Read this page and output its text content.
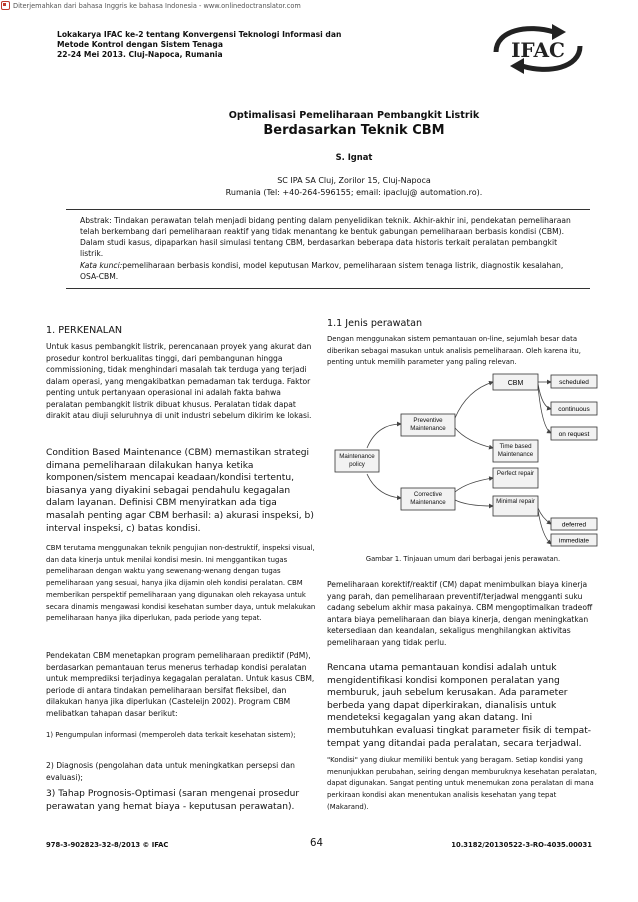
Diterjemahkan dari bahasa Inggris ke bahasa Indonesia - www.onlinedoctranslator.com
Lokakarya IFAC ke-2 tentang Konvergensi Teknologi Informasi dan
Metode Kontrol dengan Sistem Tenaga
22-24 Mei 2013. Cluj-Napoca, Rumania	IFAC
Optimalisasi Pemeliharaan Pembangkit Listrik
Berdasarkan Teknik CBM
S. Ignat
SC IPA SA Cluj, Zorilor 15, Cluj-Napoca
Rumania (Tel: +40-264-596155; email: ipacluj@ automation.ro).

Abstrak: Tindakan perawatan telah menjadi bidang penting dalam penyelidikan teknik. Akhir-akhir ini, pendekatan pemeliharaan telah berkembang dari pemeliharaan reaktif yang tidak menantang ke bentuk gabungan pemeliharaan berbasis kondisi (CBM). Dalam studi kasus, dipaparkan hasil simulasi tentang CBM, berdasarkan beberapa data historis terkait peralatan pembangkit listrik.

Kata kunci:pemeliharaan berbasis kondisi, model keputusan Markov, pemeliharaan sistem tenaga listrik, diagnostik kesalahan, OSA-CBM.

1. PERKENALAN

Untuk kasus pembangkit listrik, perencanaan proyek yang akurat dan prosedur kontrol berkualitas tinggi, dari pembangunan hingga commissioning, tidak menghindari masalah tak terduga yang terjadi dalam operasi, yang mengakibatkan pemadaman tak terduga. Faktor penting untuk pertanyaan operasional ini adalah fakta bahwa peralatan pembangkit listrik dibuat khusus. Peralatan tidak dapat dirakit atau diuji seluruhnya di unit industri sebelum dikirim ke lokasi.

Condition Based Maintenance (CBM) memastikan strategi dimana pemeliharaan dilakukan hanya ketika komponen/sistem mencapai keadaan/kondisi tertentu, biasanya yang diyakini sebagai pendahulu kegagalan dalam layanan. Definisi CBM menyiratkan ada tiga masalah penting agar CBM berhasil: a) akurasi inspeksi, b) interval inspeksi, c) batas kondisi.

CBM terutama menggunakan teknik pengujian non-destruktif, inspeksi visual, dan data kinerja untuk menilai kondisi mesin. Ini menggantikan tugas pemeliharaan dengan waktu yang sewenang-wenang dengan tugas pemeliharaan yang sesuai, hanya jika dijamin oleh kondisi peralatan. CBM memberikan perspektif pemeliharaan yang digunakan oleh rekayasa untuk secara dinamis mengawasi kondisi kesehatan sumber daya, untuk melakukan pemeliharaan hanya jika diperlukan, pada periode yang tepat.

Pendekatan CBM menetapkan program pemeliharaan prediktif (PdM), berdasarkan pemantauan terus menerus terhadap kondisi peralatan untuk memprediksi terjadinya kegagalan peralatan. Untuk kasus CBM, periode di antara tindakan pemeliharaan bersifat fleksibel, dan dilakukan hanya jika diperlukan (Casteleijn 2002). Program CBM melibatkan tahapan dasar berikut:

1) Pengumpulan informasi (memperoleh data terkait kesehatan sistem);

2) Diagnosis (pengolahan data untuk meningkatkan persepsi dan evaluasi);

3) Tahap Prognosis-Optimasi (saran mengenai prosedur perawatan yang hemat biaya - keputusan perawatan).

1.1 Jenis perawatan

Dengan menggunakan sistem pemantauan on-line, sejumlah besar data diberikan sebagai masukan untuk analisis pemeliharaan. Oleh karena itu, penting untuk memilih parameter yang paling relevan.

Maintenance policy
Preventive Maintenance
Corrective Maintenance
CBM
Time based Maintenance
scheduled
continuous
on request
Perfect repair
Minimal repair
deferred
immediate
Gambar 1. Tinjauan umum dari berbagai jenis perawatan.

Pemeliharaan korektif/reaktif (CM) dapat menimbulkan biaya kinerja yang parah, dan pemeliharaan preventif/terjadwal mengganti suku cadang sebelum akhir masa pakainya. CBM mengoptimalkan tradeoff antara biaya pemeliharaan dan biaya kinerja, dengan meningkatkan ketersediaan dan keandalan, sekaligus menghilangkan aktivitas pemeliharaan yang tidak perlu.

Rencana utama pemantauan kondisi adalah untuk mengidentifikasi kondisi komponen peralatan yang memburuk, jauh sebelum kerusakan. Ada parameter berbeda yang dapat diperkirakan, dianalisis untuk mendeteksi kegagalan yang akan datang. Ini membutuhkan evaluasi tingkat parameter fisik di tempat-tempat yang ditandai pada peralatan, secara terjadwal.

"Kondisi" yang diukur memiliki bentuk yang beragam. Setiap kondisi yang menunjukkan perubahan, seiring dengan memburuknya kesehatan peralatan, dapat digunakan. Sangat penting untuk menemukan zona peralatan di mana perkiraan kondisi akan menentukan analisis kesehatan yang tepat (Makarand).

978-3-902823-32-8/2013 © IFAC	64	10.3182/20130522-3-RO-4035.00031
